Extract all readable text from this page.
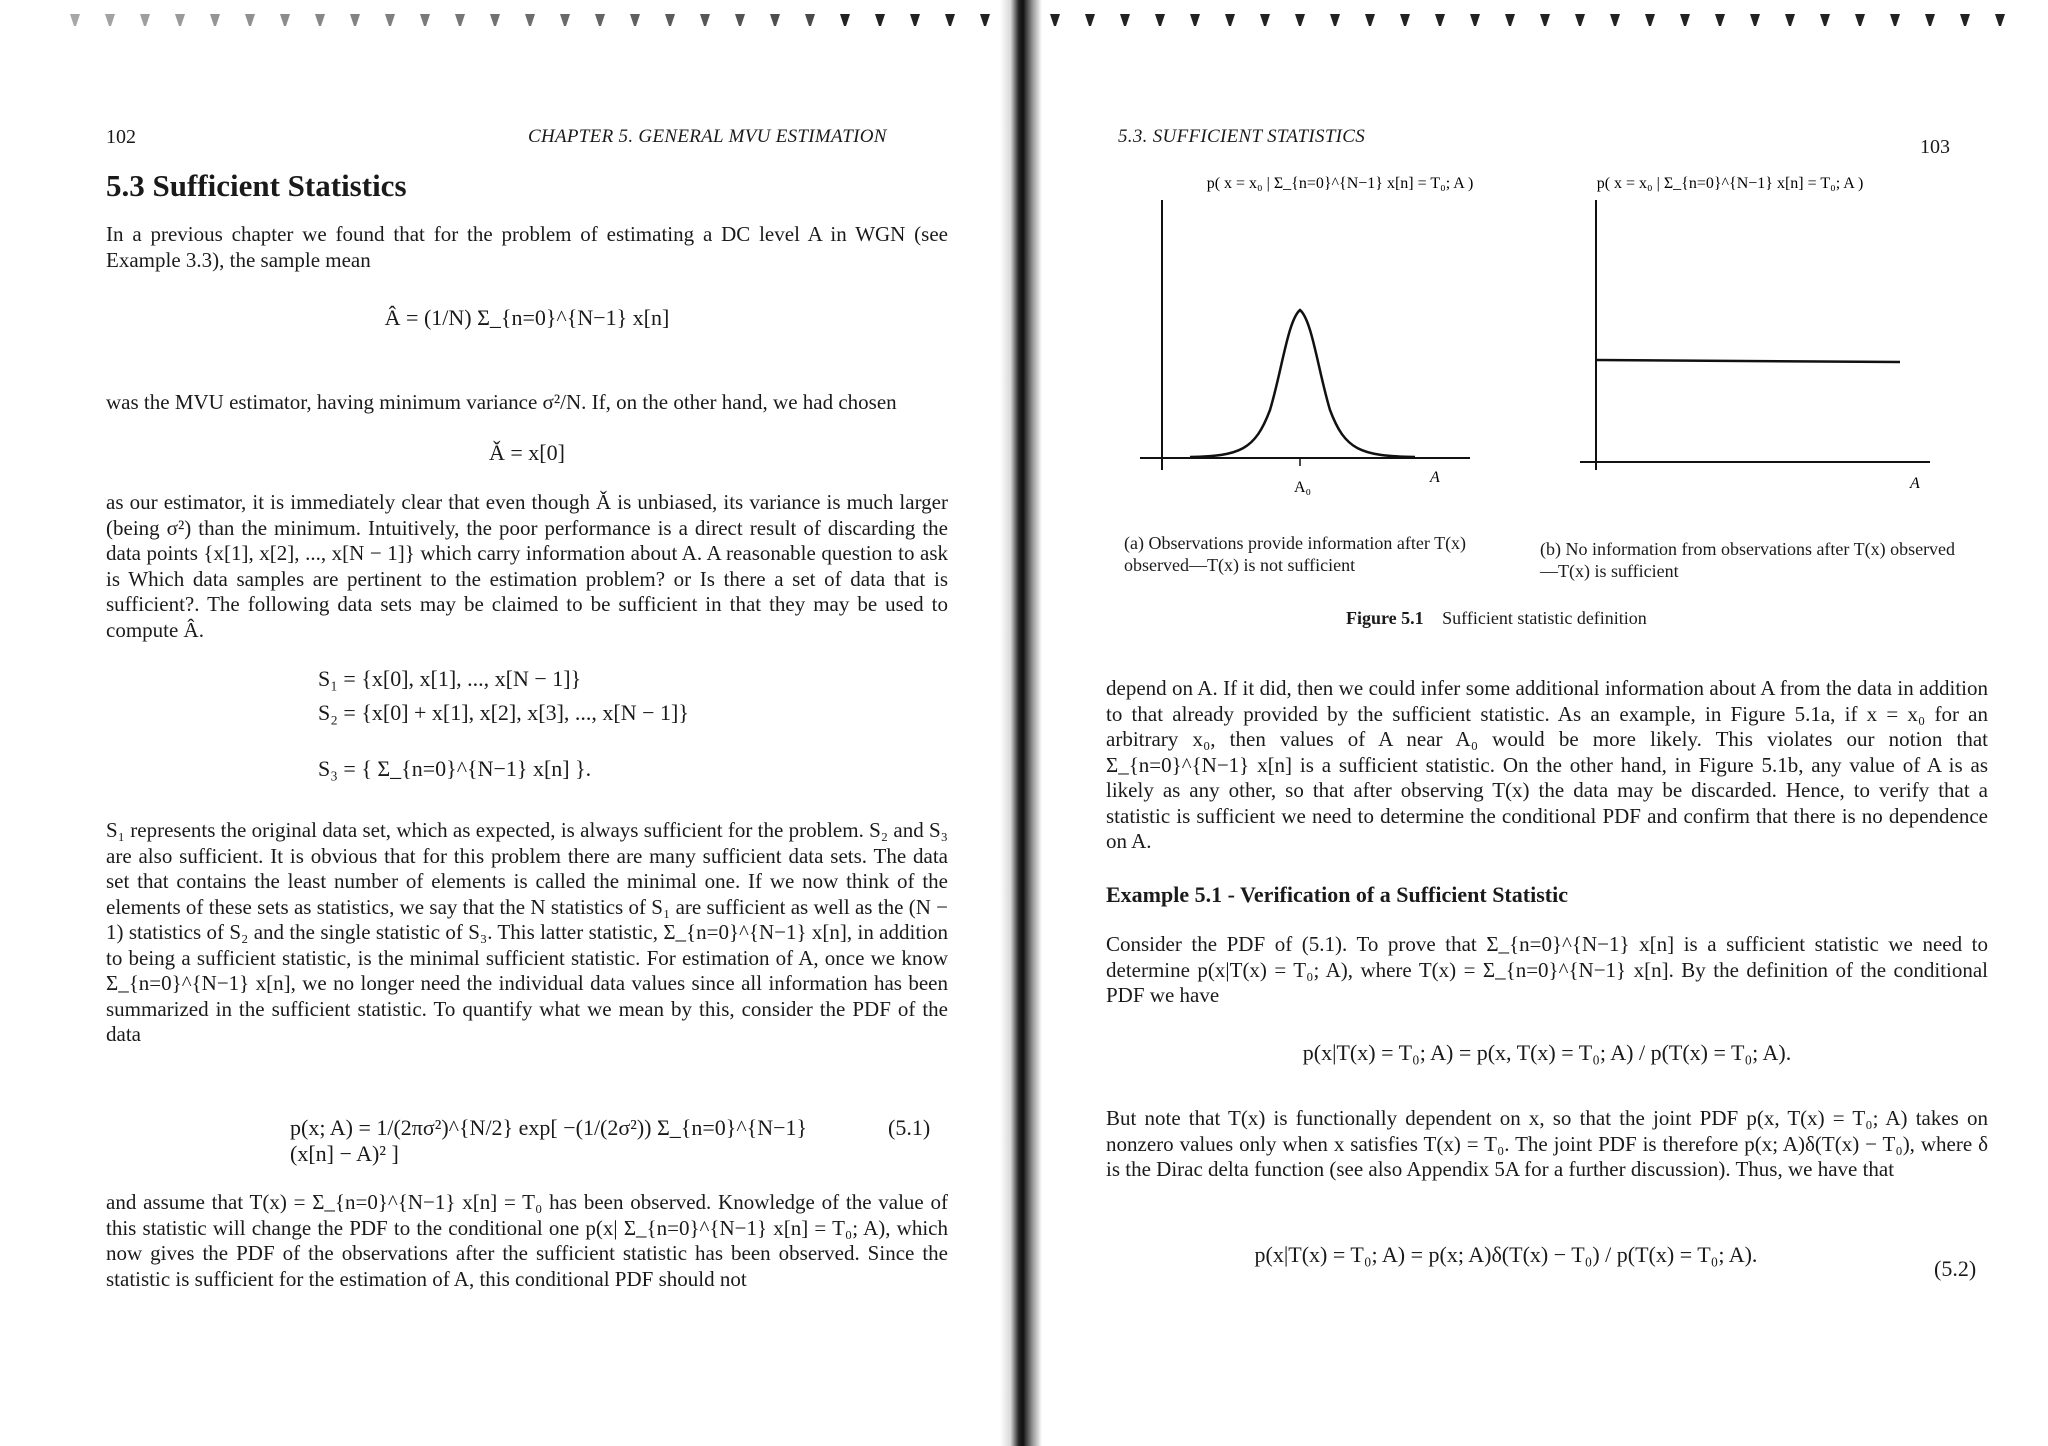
102	CHAPTER 5. GENERAL MVU ESTIMATION
5.3 Sufficient Statistics
In a previous chapter we found that for the problem of estimating a DC level A in WGN (see Example 3.3), the sample mean
Â = (1/N) Σ_{n=0}^{N−1} x[n]
was the MVU estimator, having minimum variance σ²/N. If, on the other hand, we had chosen
Ǎ = x[0]
as our estimator, it is immediately clear that even though Ǎ is unbiased, its variance is much larger (being σ²) than the minimum. Intuitively, the poor performance is a direct result of discarding the data points {x[1], x[2], ..., x[N − 1]} which carry information about A. A reasonable question to ask is Which data samples are pertinent to the estimation problem? or Is there a set of data that is sufficient?. The following data sets may be claimed to be sufficient in that they may be used to compute Â.
S₁ = {x[0], x[1], ..., x[N − 1]}
S₂ = {x[0] + x[1], x[2], x[3], ..., x[N − 1]}
S₃ = { Σ_{n=0}^{N−1} x[n] }.
S₁ represents the original data set, which as expected, is always sufficient for the problem. S₂ and S₃ are also sufficient. It is obvious that for this problem there are many sufficient data sets. The data set that contains the least number of elements is called the minimal one. If we now think of the elements of these sets as statistics, we say that the N statistics of S₁ are sufficient as well as the (N − 1) statistics of S₂ and the single statistic of S₃. This latter statistic, Σ_{n=0}^{N−1} x[n], in addition to being a sufficient statistic, is the minimal sufficient statistic. For estimation of A, once we know Σ_{n=0}^{N−1} x[n], we no longer need the individual data values since all information has been summarized in the sufficient statistic. To quantify what we mean by this, consider the PDF of the data
p(x; A) = 1/(2πσ²)^{N/2} exp[ −(1/(2σ²)) Σ_{n=0}^{N−1} (x[n] − A)² ]
(5.1)
and assume that T(x) = Σ_{n=0}^{N−1} x[n] = T₀ has been observed. Knowledge of the value of this statistic will change the PDF to the conditional one p(x| Σ_{n=0}^{N−1} x[n] = T₀; A), which now gives the PDF of the observations after the sufficient statistic has been observed. Since the statistic is sufficient for the estimation of A, this conditional PDF should not
5.3. SUFFICIENT STATISTICS	103
p( x = x₀ | Σ_{n=0}^{N−1} x[n] = T₀; A )
A₀
A
p( x = x₀ | Σ_{n=0}^{N−1} x[n] = T₀; A )
A
(a) Observations provide information after T(x) observed—T(x) is not sufficient
(b) No information from observations after T(x) observed—T(x) is sufficient
Figure 5.1 Sufficient statistic definition
depend on A. If it did, then we could infer some additional information about A from the data in addition to that already provided by the sufficient statistic. As an example, in Figure 5.1a, if x = x₀ for an arbitrary x₀, then values of A near A₀ would be more likely. This violates our notion that Σ_{n=0}^{N−1} x[n] is a sufficient statistic. On the other hand, in Figure 5.1b, any value of A is as likely as any other, so that after observing T(x) the data may be discarded. Hence, to verify that a statistic is sufficient we need to determine the conditional PDF and confirm that there is no dependence on A.
Example 5.1 - Verification of a Sufficient Statistic
Consider the PDF of (5.1). To prove that Σ_{n=0}^{N−1} x[n] is a sufficient statistic we need to determine p(x|T(x) = T₀; A), where T(x) = Σ_{n=0}^{N−1} x[n]. By the definition of the conditional PDF we have
p(x|T(x) = T₀; A) = p(x, T(x) = T₀; A) / p(T(x) = T₀; A).
But note that T(x) is functionally dependent on x, so that the joint PDF p(x, T(x) = T₀; A) takes on nonzero values only when x satisfies T(x) = T₀. The joint PDF is therefore p(x; A)δ(T(x) − T₀), where δ is the Dirac delta function (see also Appendix 5A for a further discussion). Thus, we have that
p(x|T(x) = T₀; A) = p(x; A)δ(T(x) − T₀) / p(T(x) = T₀; A).
(5.2)
